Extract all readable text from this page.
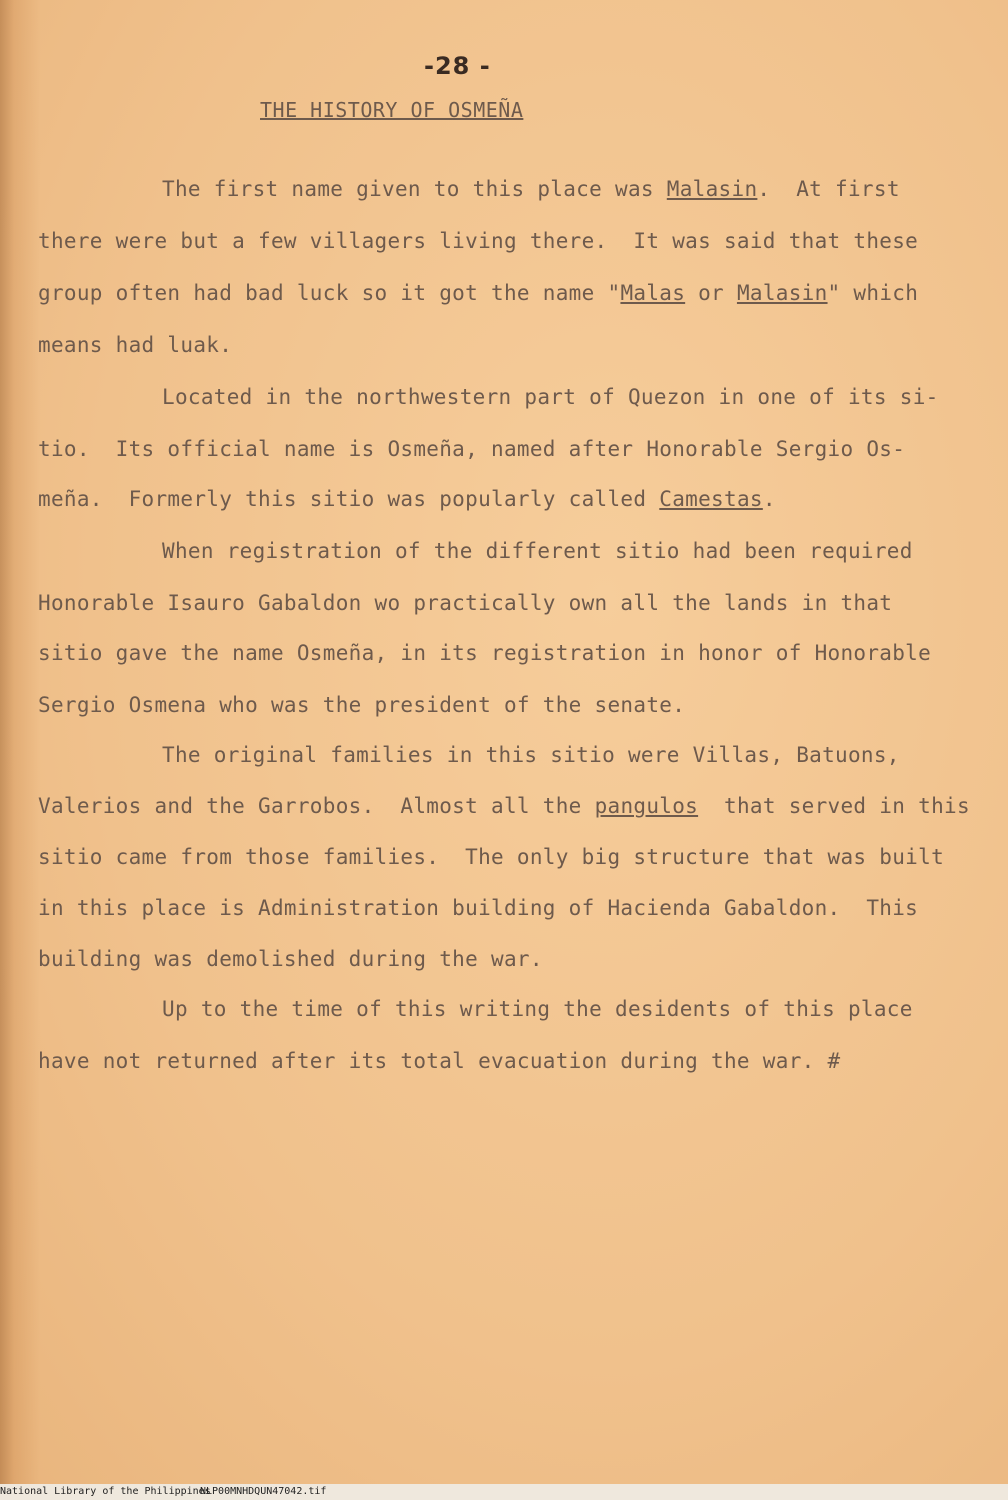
-28 -
THE HISTORY OF OSMEÑA
The first name given to this place was Malasin.  At first
there were but a few villagers living there.  It was said that these
group often had bad luck so it got the name "Malas or Malasin" which
means had luak.
Located in the northwestern part of Quezon in one of its si-
tio.  Its official name is Osmeña, named after Honorable Sergio Os-
meña.  Formerly this sitio was popularly called Camestas.
When registration of the different sitio had been required
Honorable Isauro Gabaldon wo practically own all the lands in that
sitio gave the name Osmeña, in its registration in honor of Honorable
Sergio Osmena who was the president of the senate.
The original families in this sitio were Villas, Batuons,
Valerios and the Garrobos.  Almost all the pangulos  that served in this
sitio came from those families.  The only big structure that was built
in this place is Administration building of Hacienda Gabaldon.  This
building was demolished during the war.
Up to the time of this writing the desidents of this place
have not returned after its total evacuation during the war. #
National Library of the Philippines
NLP00MNHDQUN47042.tif
